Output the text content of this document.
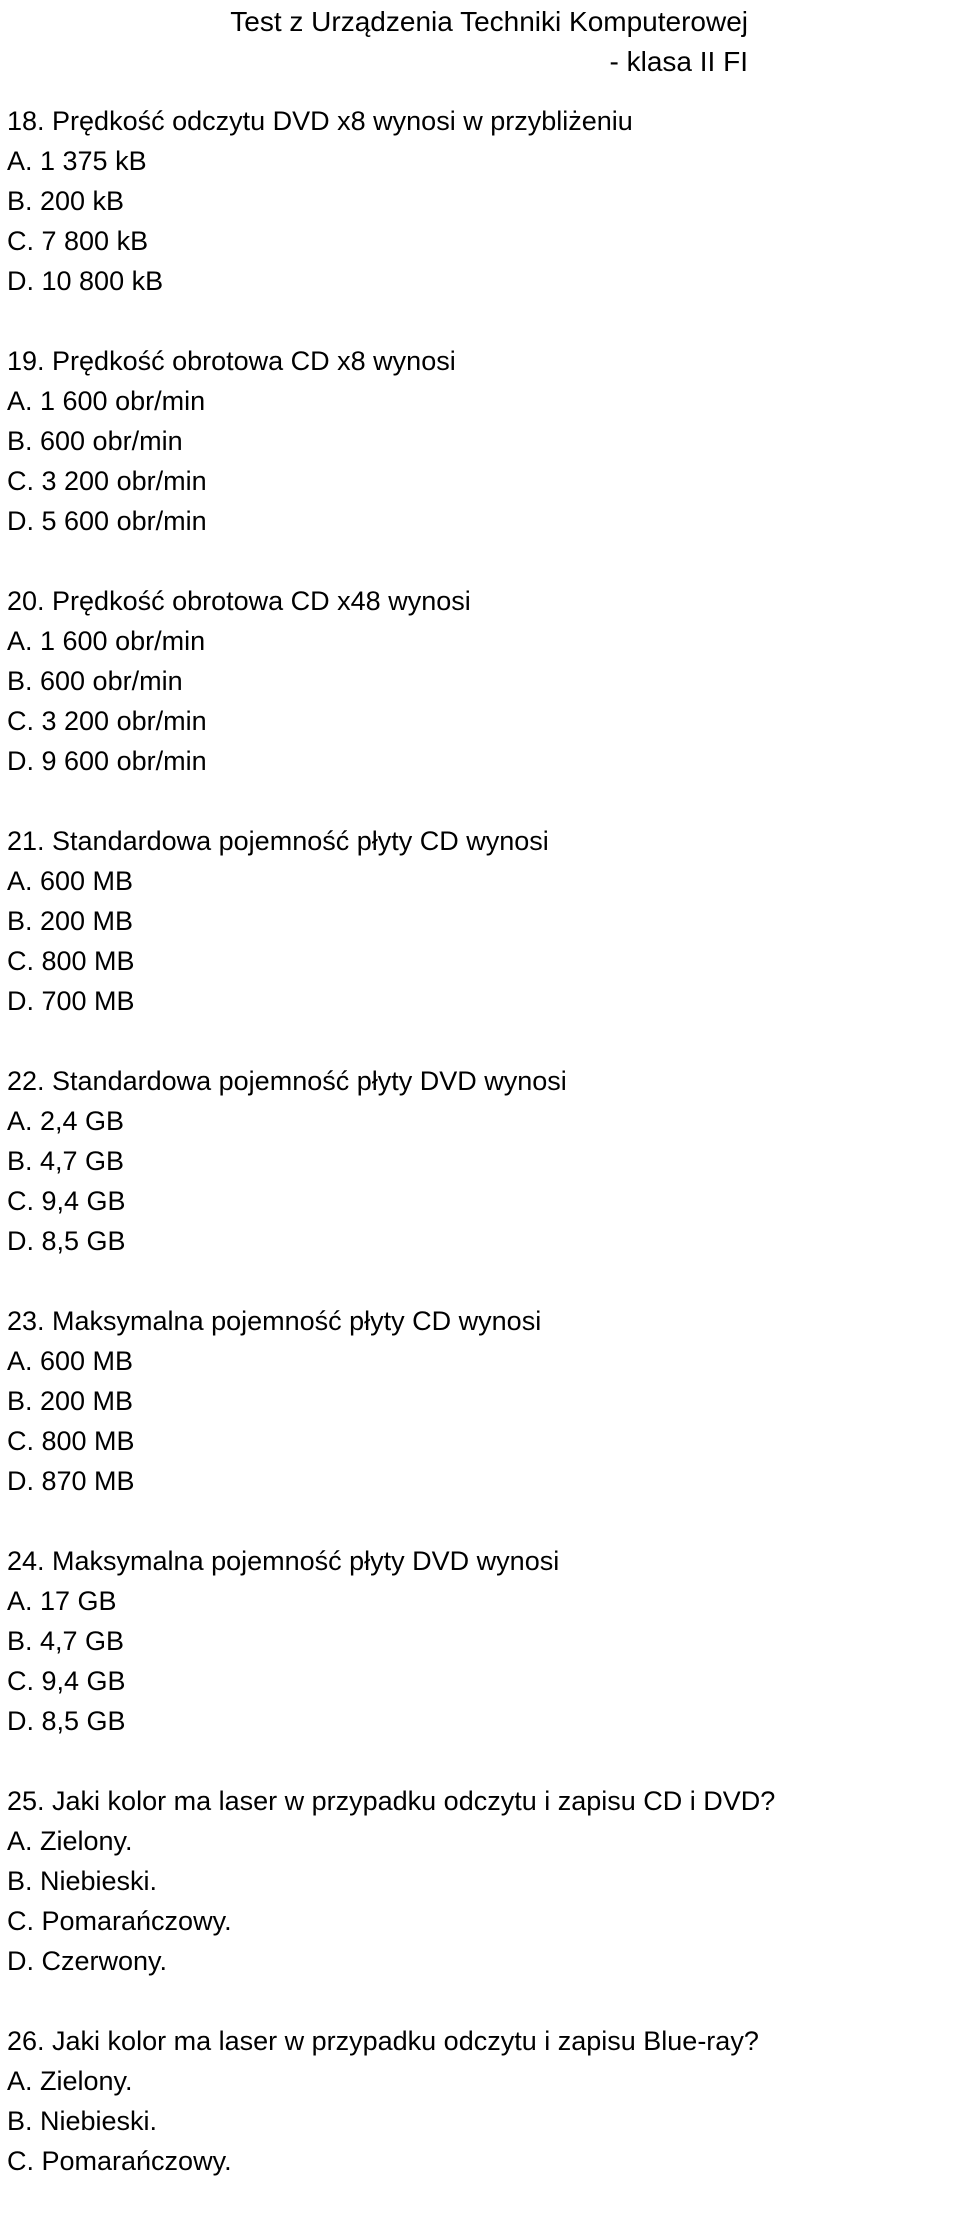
Test z Urządzenia Techniki Komputerowej
- klasa II FI
18. Prędkość odczytu DVD x8 wynosi w przybliżeniu
A. 1 375 kB
B. 200 kB
C. 7 800 kB
D. 10 800 kB
19. Prędkość obrotowa CD x8 wynosi
A. 1 600 obr/min
B. 600 obr/min
C. 3 200 obr/min
D. 5 600 obr/min
20. Prędkość obrotowa CD x48 wynosi
A. 1 600 obr/min
B. 600 obr/min
C. 3 200 obr/min
D. 9 600 obr/min
21. Standardowa pojemność płyty CD wynosi
A. 600 MB
B. 200 MB
C. 800 MB
D. 700 MB
22. Standardowa pojemność płyty DVD wynosi
A. 2,4 GB
B. 4,7 GB
C. 9,4 GB
D. 8,5 GB
23. Maksymalna pojemność płyty CD wynosi
A. 600 MB
B. 200 MB
C. 800 MB
D. 870 MB
24. Maksymalna pojemność płyty DVD wynosi
A. 17 GB
B. 4,7 GB
C. 9,4 GB
D. 8,5 GB
25. Jaki kolor ma laser w przypadku odczytu i zapisu CD i DVD?
A. Zielony.
B. Niebieski.
C. Pomarańczowy.
D. Czerwony.
26. Jaki kolor ma laser w przypadku odczytu i zapisu Blue-ray?
A. Zielony.
B. Niebieski.
C. Pomarańczowy.
